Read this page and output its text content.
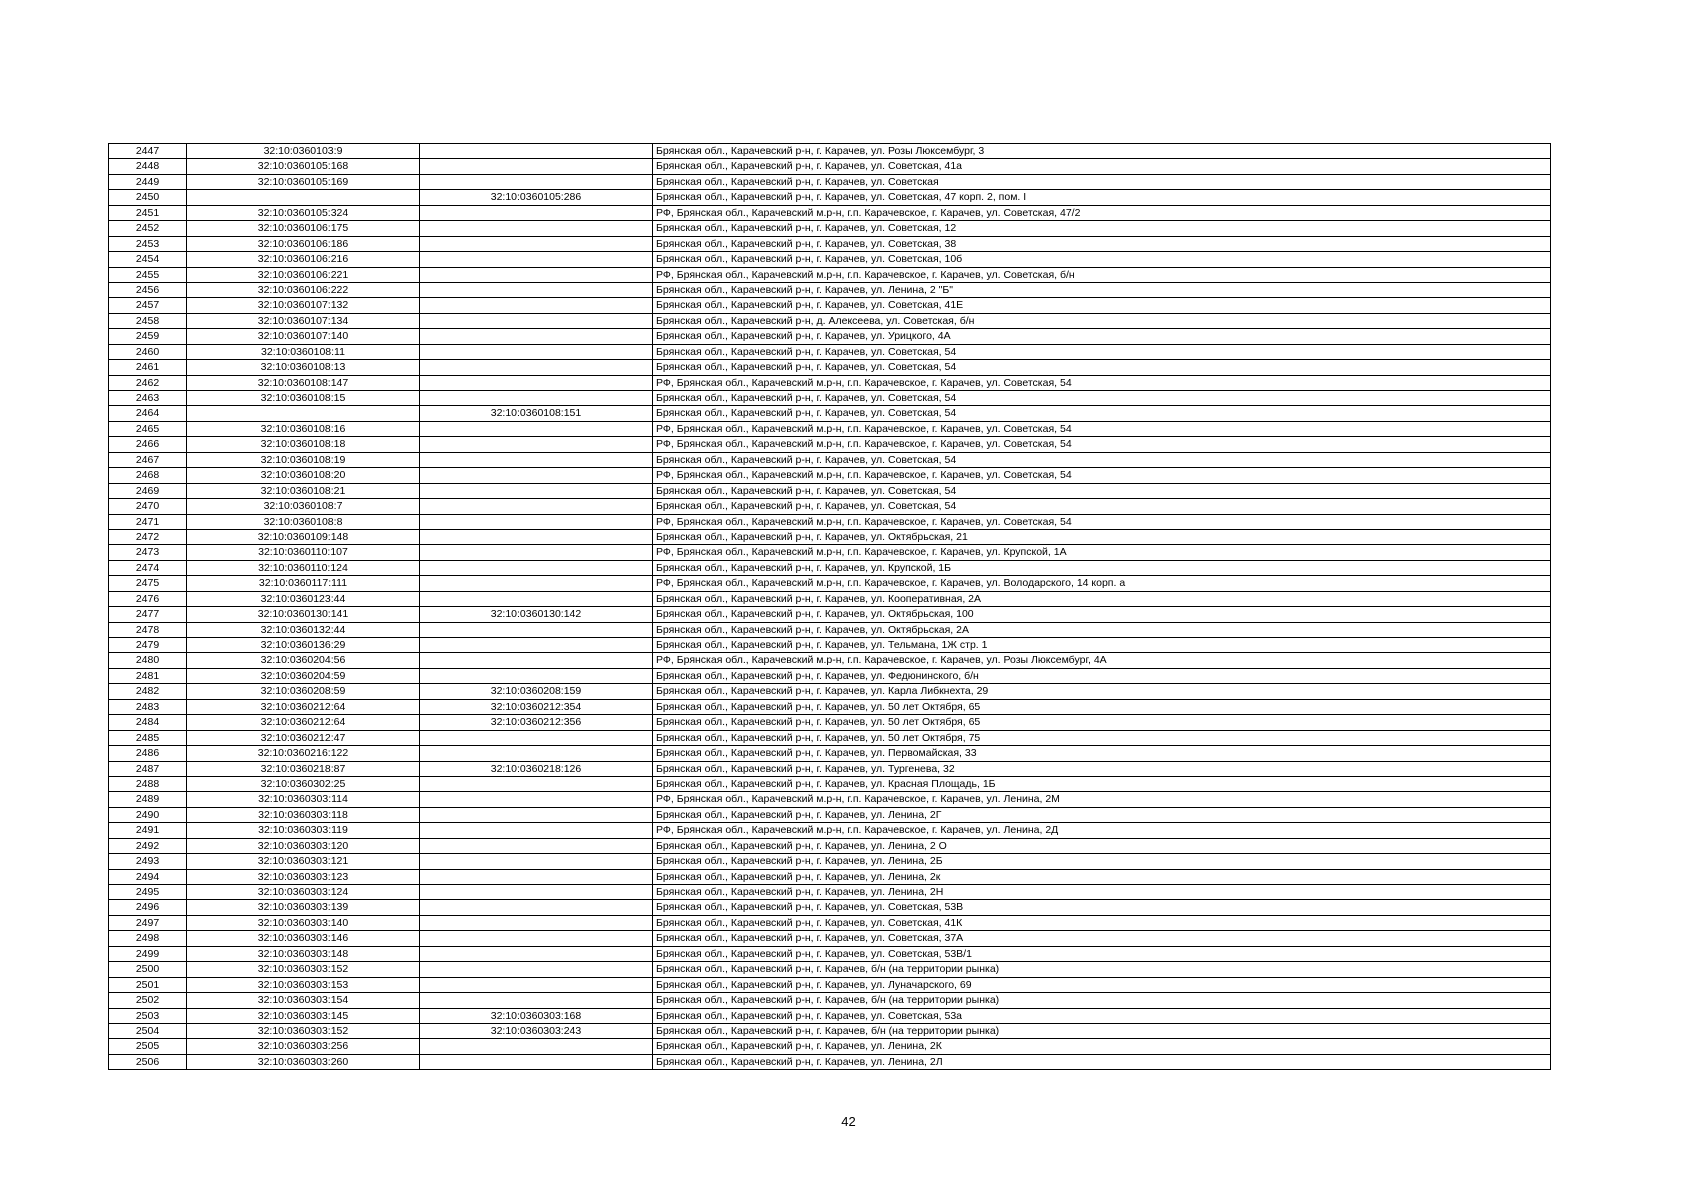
2447	32:10:0360103:9		Брянская обл., Карачевский р-н, г. Карачев, ул. Розы Люксембург, 3
2448	32:10:0360105:168		Брянская обл., Карачевский р-н, г. Карачев, ул. Советская, 41а
2449	32:10:0360105:169		Брянская обл., Карачевский р-н, г. Карачев, ул. Советская
2450		32:10:0360105:286	Брянская обл., Карачевский р-н, г. Карачев, ул. Советская, 47 корп. 2, пом. I
2451	32:10:0360105:324		РФ, Брянская обл., Карачевский м.р-н, г.п. Карачевское, г. Карачев, ул. Советская, 47/2
2452	32:10:0360106:175		Брянская обл., Карачевский р-н, г. Карачев, ул. Советская, 12
2453	32:10:0360106:186		Брянская обл., Карачевский р-н, г. Карачев, ул. Советская, 38
2454	32:10:0360106:216		Брянская обл., Карачевский р-н, г. Карачев, ул. Советская, 10б
2455	32:10:0360106:221		РФ, Брянская обл., Карачевский м.р-н, г.п. Карачевское, г. Карачев, ул. Советская, б/н
2456	32:10:0360106:222		Брянская обл., Карачевский р-н, г. Карачев, ул. Ленина, 2 "Б"
2457	32:10:0360107:132		Брянская обл., Карачевский р-н, г. Карачев, ул. Советская, 41Е
2458	32:10:0360107:134		Брянская обл., Карачевский р-н, д. Алексеева, ул. Советская, б/н
2459	32:10:0360107:140		Брянская обл., Карачевский р-н, г. Карачев, ул. Урицкого, 4А
2460	32:10:0360108:11		Брянская обл., Карачевский р-н, г. Карачев, ул. Советская, 54
2461	32:10:0360108:13		Брянская обл., Карачевский р-н, г. Карачев, ул. Советская, 54
2462	32:10:0360108:147		РФ, Брянская обл., Карачевский м.р-н, г.п. Карачевское, г. Карачев, ул. Советская, 54
2463	32:10:0360108:15		Брянская обл., Карачевский р-н, г. Карачев, ул. Советская, 54
2464		32:10:0360108:151	Брянская обл., Карачевский р-н, г. Карачев, ул. Советская, 54
2465	32:10:0360108:16		РФ, Брянская обл., Карачевский м.р-н, г.п. Карачевское, г. Карачев, ул. Советская, 54
2466	32:10:0360108:18		РФ, Брянская обл., Карачевский м.р-н, г.п. Карачевское, г. Карачев, ул. Советская, 54
2467	32:10:0360108:19		Брянская обл., Карачевский р-н, г. Карачев, ул. Советская, 54
2468	32:10:0360108:20		РФ, Брянская обл., Карачевский м.р-н, г.п. Карачевское, г. Карачев, ул. Советская, 54
2469	32:10:0360108:21		Брянская обл., Карачевский р-н, г. Карачев, ул. Советская, 54
2470	32:10:0360108:7		Брянская обл., Карачевский р-н, г. Карачев, ул. Советская, 54
2471	32:10:0360108:8		РФ, Брянская обл., Карачевский м.р-н, г.п. Карачевское, г. Карачев, ул. Советская, 54
2472	32:10:0360109:148		Брянская обл., Карачевский р-н, г. Карачев, ул. Октябрьская, 21
2473	32:10:0360110:107		РФ, Брянская обл., Карачевский м.р-н, г.п. Карачевское, г. Карачев, ул. Крупской, 1А
2474	32:10:0360110:124		Брянская обл., Карачевский р-н, г. Карачев, ул. Крупской, 1Б
2475	32:10:0360117:111		РФ, Брянская обл., Карачевский м.р-н, г.п. Карачевское, г. Карачев, ул. Володарского, 14 корп. а
2476	32:10:0360123:44		Брянская обл., Карачевский р-н, г. Карачев, ул. Кооперативная, 2А
2477	32:10:0360130:141	32:10:0360130:142	Брянская обл., Карачевский р-н, г. Карачев, ул. Октябрьская, 100
2478	32:10:0360132:44		Брянская обл., Карачевский р-н, г. Карачев, ул. Октябрьская, 2А
2479	32:10:0360136:29		Брянская обл., Карачевский р-н, г. Карачев, ул. Тельмана, 1Ж стр. 1
2480	32:10:0360204:56		РФ, Брянская обл., Карачевский м.р-н, г.п. Карачевское, г. Карачев, ул. Розы Люксембург, 4А
2481	32:10:0360204:59		Брянская обл., Карачевский р-н, г. Карачев, ул. Федюнинского, б/н
2482	32:10:0360208:59	32:10:0360208:159	Брянская обл., Карачевский р-н, г. Карачев, ул. Карла Либкнехта, 29
2483	32:10:0360212:64	32:10:0360212:354	Брянская обл., Карачевский р-н, г. Карачев, ул. 50 лет Октября, 65
2484	32:10:0360212:64	32:10:0360212:356	Брянская обл., Карачевский р-н, г. Карачев, ул. 50 лет Октября, 65
2485	32:10:0360212:47		Брянская обл., Карачевский р-н, г. Карачев, ул. 50 лет Октября, 75
2486	32:10:0360216:122		Брянская обл., Карачевский р-н, г. Карачев, ул. Первомайская, 33
2487	32:10:0360218:87	32:10:0360218:126	Брянская обл., Карачевский р-н, г. Карачев, ул. Тургенева, 32
2488	32:10:0360302:25		Брянская обл., Карачевский р-н, г. Карачев, ул. Красная Площадь, 1Б
2489	32:10:0360303:114		РФ, Брянская обл., Карачевский м.р-н, г.п. Карачевское, г. Карачев, ул. Ленина, 2М
2490	32:10:0360303:118		Брянская обл., Карачевский р-н, г. Карачев, ул. Ленина, 2Г
2491	32:10:0360303:119		РФ, Брянская обл., Карачевский м.р-н, г.п. Карачевское, г. Карачев, ул. Ленина, 2Д
2492	32:10:0360303:120		Брянская обл., Карачевский р-н, г. Карачев, ул. Ленина, 2 О
2493	32:10:0360303:121		Брянская обл., Карачевский р-н, г. Карачев, ул. Ленина, 2Б
2494	32:10:0360303:123		Брянская обл., Карачевский р-н, г. Карачев, ул. Ленина, 2к
2495	32:10:0360303:124		Брянская обл., Карачевский р-н, г. Карачев, ул. Ленина, 2Н
2496	32:10:0360303:139		Брянская обл., Карачевский р-н, г. Карачев, ул. Советская, 53В
2497	32:10:0360303:140		Брянская обл., Карачевский р-н, г. Карачев, ул. Советская, 41К
2498	32:10:0360303:146		Брянская обл., Карачевский р-н, г. Карачев, ул. Советская, 37А
2499	32:10:0360303:148		Брянская обл., Карачевский р-н, г. Карачев, ул. Советская, 53В/1
2500	32:10:0360303:152		Брянская обл., Карачевский р-н, г. Карачев, б/н (на территории рынка)
2501	32:10:0360303:153		Брянская обл., Карачевский р-н, г. Карачев, ул. Луначарского, 69
2502	32:10:0360303:154		Брянская обл., Карачевский р-н, г. Карачев, б/н (на территории рынка)
2503	32:10:0360303:145	32:10:0360303:168	Брянская обл., Карачевский р-н, г. Карачев, ул. Советская, 53а
2504	32:10:0360303:152	32:10:0360303:243	Брянская обл., Карачевский р-н, г. Карачев, б/н (на территории рынка)
2505	32:10:0360303:256		Брянская обл., Карачевский р-н, г. Карачев, ул. Ленина, 2К
2506	32:10:0360303:260		Брянская обл., Карачевский р-н, г. Карачев, ул. Ленина, 2Л
42
